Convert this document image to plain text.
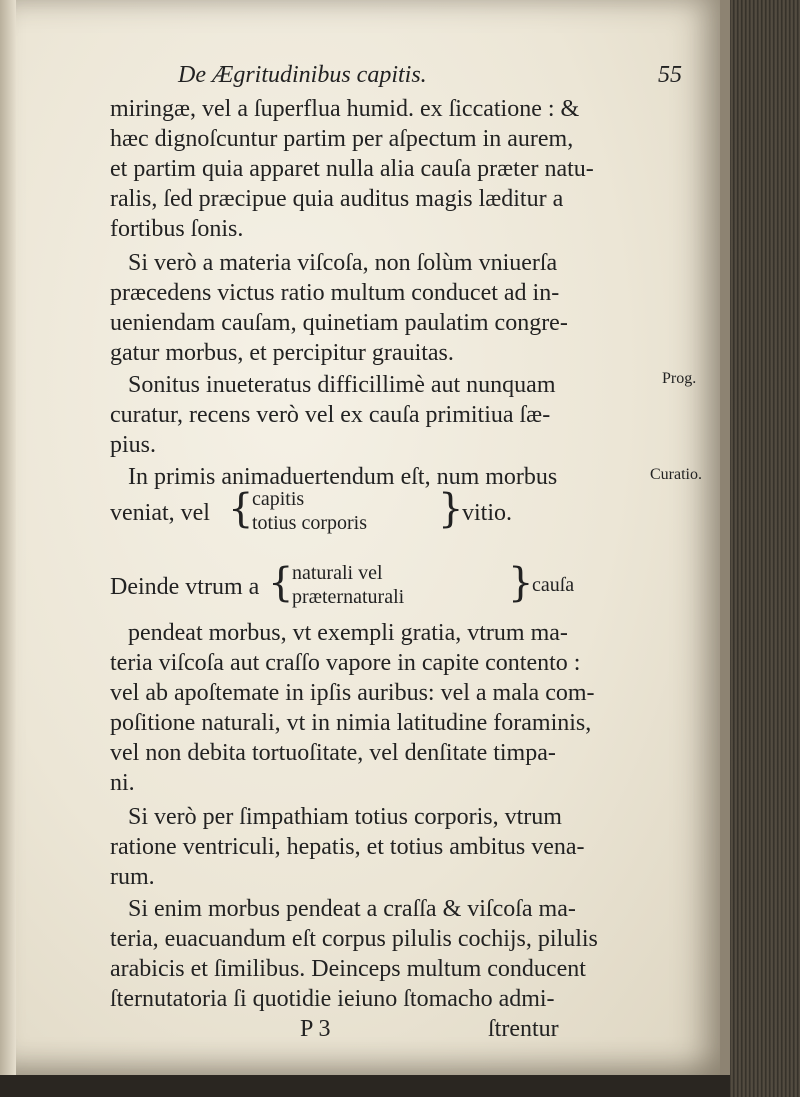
De Ægritudinibus capitis.	55
miringæ, vel a ſuperflua humid. ex ſiccatione : &
hæc dignoſcuntur partim per aſpectum in aurem,
et partim quia apparet nulla alia cauſa præter natu-
ralis, ſed præcipue quia auditus magis læditur a
fortibus ſonis.
Si verò a materia viſcoſa, non ſolùm vniuerſa
præcedens victus ratio multum conducet ad in-
ueniendam cauſam, quinetiam paulatim congre-
gatur morbus, et percipitur grauitas.
Sonitus inueteratus difficillimè aut nunquam
curatur, recens verò vel ex cauſa primitiua ſæ-
pius.
In primis animaduertendum eſt, num morbus
Prog.
Curatio.
veniat, vel {
capitis
totius corporis }
vitio.
Deinde vtrum a {
naturali vel
præternaturali	}
cauſa
pendeat morbus, vt exempli gratia, vtrum ma-
teria viſcoſa aut craſſo vapore in capite contento :
vel ab apoſtemate in ipſis auribus: vel a mala com-
poſitione naturali, vt in nimia latitudine foraminis,
vel non debita tortuoſitate, vel denſitate timpa-
ni.
Si verò per ſimpathiam totius corporis, vtrum
ratione ventriculi, hepatis, et totius ambitus vena-
rum.
Si enim morbus pendeat a craſſa & viſcoſa ma-
teria, euacuandum eſt corpus pilulis cochijs, pilulis
arabicis et ſimilibus. Deinceps multum conducent
ſternutatoria ſi quotidie ieiuno ſtomacho admi-
P 3	ſtrentur
